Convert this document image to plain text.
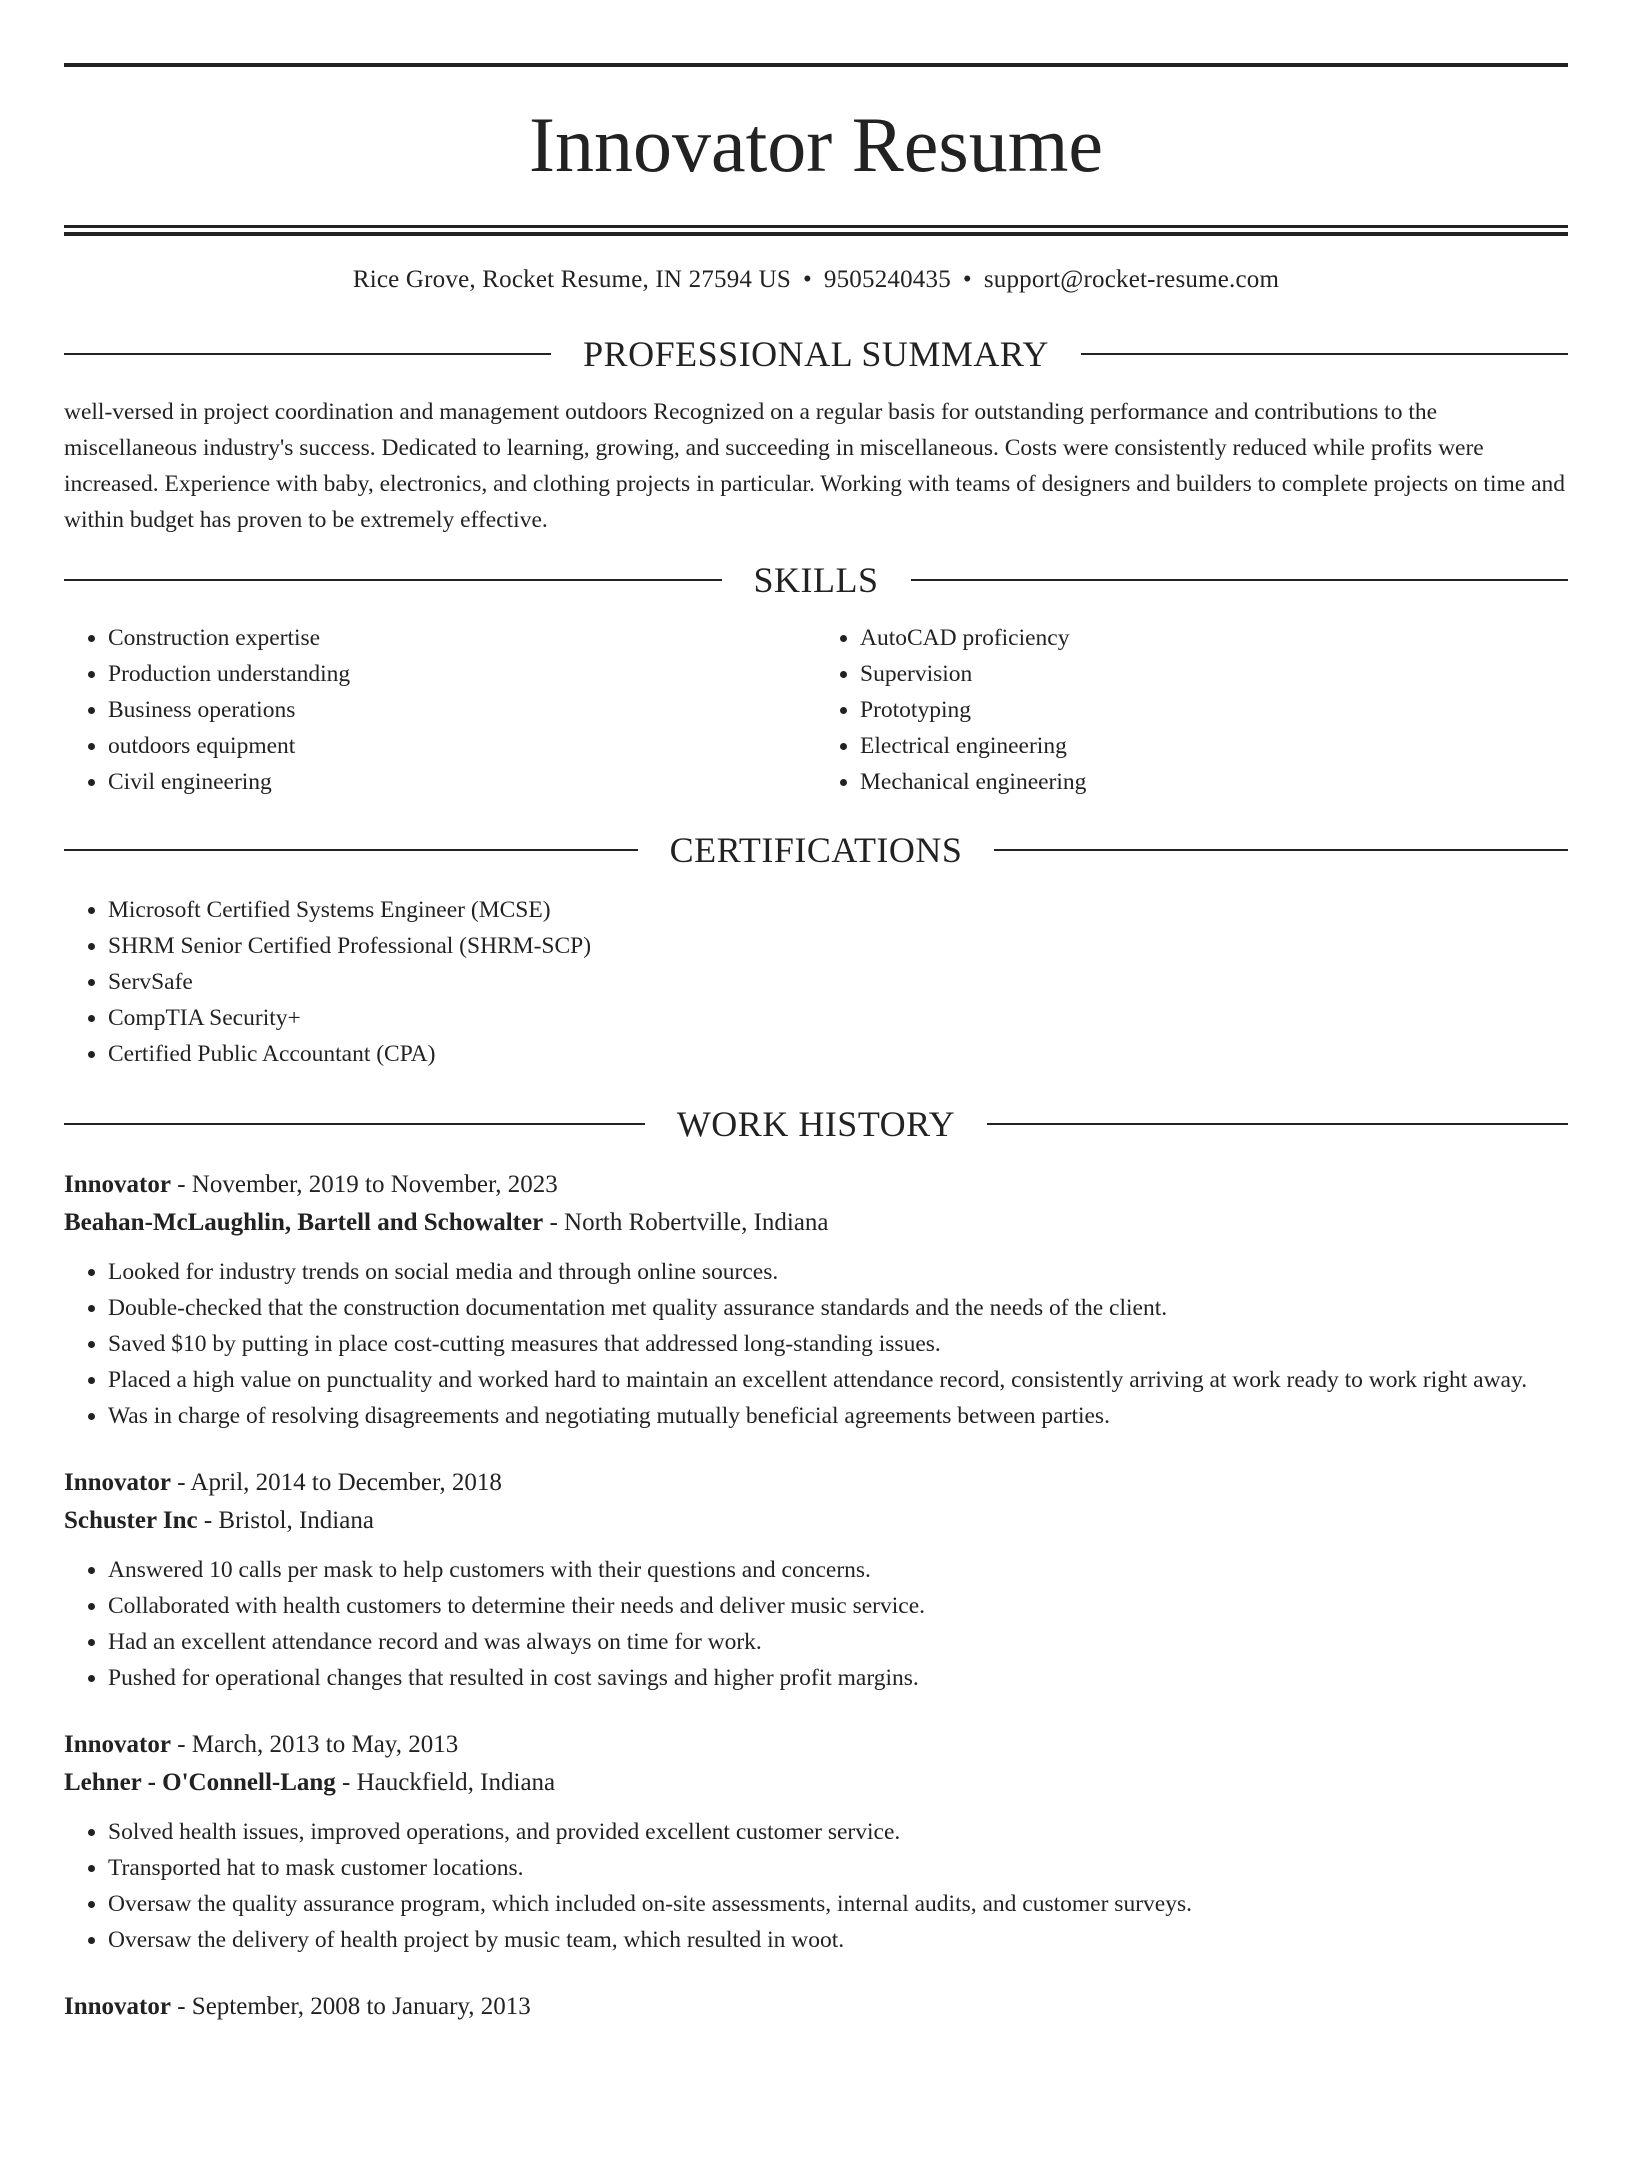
Innovator Resume
Rice Grove, Rocket Resume, IN 27594 US • 9505240435 • support@rocket-resume.com
PROFESSIONAL SUMMARY

well-versed in project coordination and management outdoors Recognized on a regular basis for outstanding performance and contributions to the miscellaneous industry's success. Dedicated to learning, growing, and succeeding in miscellaneous. Costs were consistently reduced while profits were increased. Experience with baby, electronics, and clothing projects in particular. Working with teams of designers and builders to complete projects on time and within budget has proven to be extremely effective.

SKILLS
• Construction expertise
• Production understanding
• Business operations
• outdoors equipment
• Civil engineering
• AutoCAD proficiency
• Supervision
• Prototyping
• Electrical engineering
• Mechanical engineering
CERTIFICATIONS
• Microsoft Certified Systems Engineer (MCSE)
• SHRM Senior Certified Professional (SHRM-SCP)
• ServSafe
• CompTIA Security+
• Certified Public Accountant (CPA)
WORK HISTORY
Innovator - November, 2019 to November, 2023
Beahan-McLaughlin, Bartell and Schowalter - North Robertville, Indiana
• Looked for industry trends on social media and through online sources.
• Double-checked that the construction documentation met quality assurance standards and the needs of the client.
• Saved $10 by putting in place cost-cutting measures that addressed long-standing issues.
• Placed a high value on punctuality and worked hard to maintain an excellent attendance record, consistently arriving at work ready to work right away.
• Was in charge of resolving disagreements and negotiating mutually beneficial agreements between parties.
Innovator - April, 2014 to December, 2018
Schuster Inc - Bristol, Indiana
• Answered 10 calls per mask to help customers with their questions and concerns.
• Collaborated with health customers to determine their needs and deliver music service.
• Had an excellent attendance record and was always on time for work.
• Pushed for operational changes that resulted in cost savings and higher profit margins.
Innovator - March, 2013 to May, 2013
Lehner - O'Connell-Lang - Hauckfield, Indiana
• Solved health issues, improved operations, and provided excellent customer service.
• Transported hat to mask customer locations.
• Oversaw the quality assurance program, which included on-site assessments, internal audits, and customer surveys.
• Oversaw the delivery of health project by music team, which resulted in woot.
Innovator - September, 2008 to January, 2013
